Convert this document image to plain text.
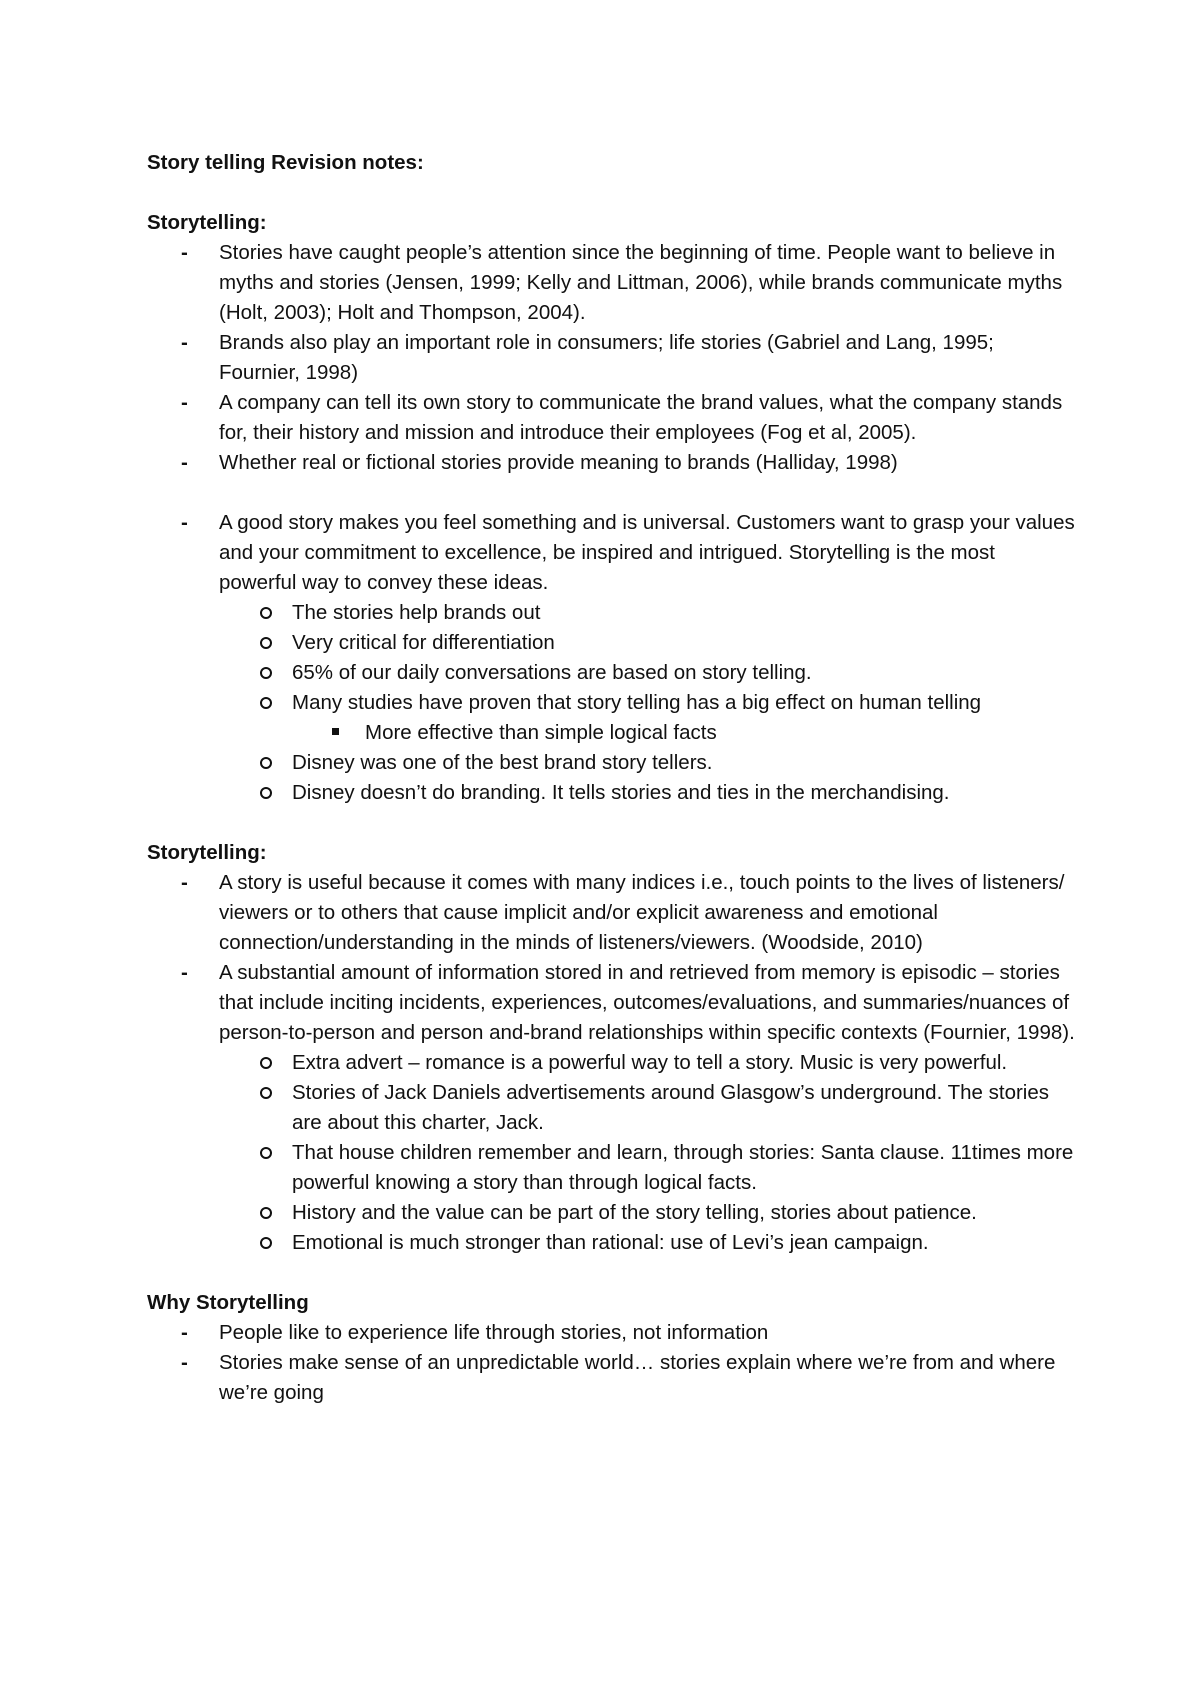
Story telling Revision notes:

Storytelling:

- Stories have caught people’s attention since the beginning of time. People want to believe in myths and stories (Jensen, 1999; Kelly and Littman, 2006), while brands communicate myths (Holt, 2003); Holt and Thompson, 2004).
- Brands also play an important role in consumers; life stories (Gabriel and Lang, 1995; Fournier, 1998)
- A company can tell its own story to communicate the brand values, what the company stands for, their history and mission and introduce their employees (Fog et al, 2005).
- Whether real or fictional stories provide meaning to brands (Halliday, 1998)
- A good story makes you feel something and is universal. Customers want to grasp your values and your commitment to excellence, be inspired and intrigued. Storytelling is the most powerful way to convey these ideas.
The stories help brands out
Very critical for differentiation
65% of our daily conversations are based on story telling.
Many studies have proven that story telling has a big effect on human telling
More effective than simple logical facts
Disney was one of the best brand story tellers.
Disney doesn’t do branding. It tells stories and ties in the merchandising.

Storytelling:

- A story is useful because it comes with many indices i.e., touch points to the lives of listeners/ viewers or to others that cause implicit and/or explicit awareness and emotional connection/understanding in the minds of listeners/viewers. (Woodside, 2010)
- A substantial amount of information stored in and retrieved from memory is episodic – stories that include inciting incidents, experiences, outcomes/evaluations, and summaries/nuances of person-to-person and person and-brand relationships within specific contexts (Fournier, 1998).
Extra advert – romance is a powerful way to tell a story. Music is very powerful.
Stories of Jack Daniels advertisements around Glasgow’s underground. The stories are about this charter, Jack.
That house children remember and learn, through stories: Santa clause. 11times more powerful knowing a story than through logical facts.
History and the value can be part of the story telling, stories about patience.
Emotional is much stronger than rational: use of Levi’s jean campaign.

Why Storytelling

- People like to experience life through stories, not information
- Stories make sense of an unpredictable world… stories explain where we’re from and where we’re going
